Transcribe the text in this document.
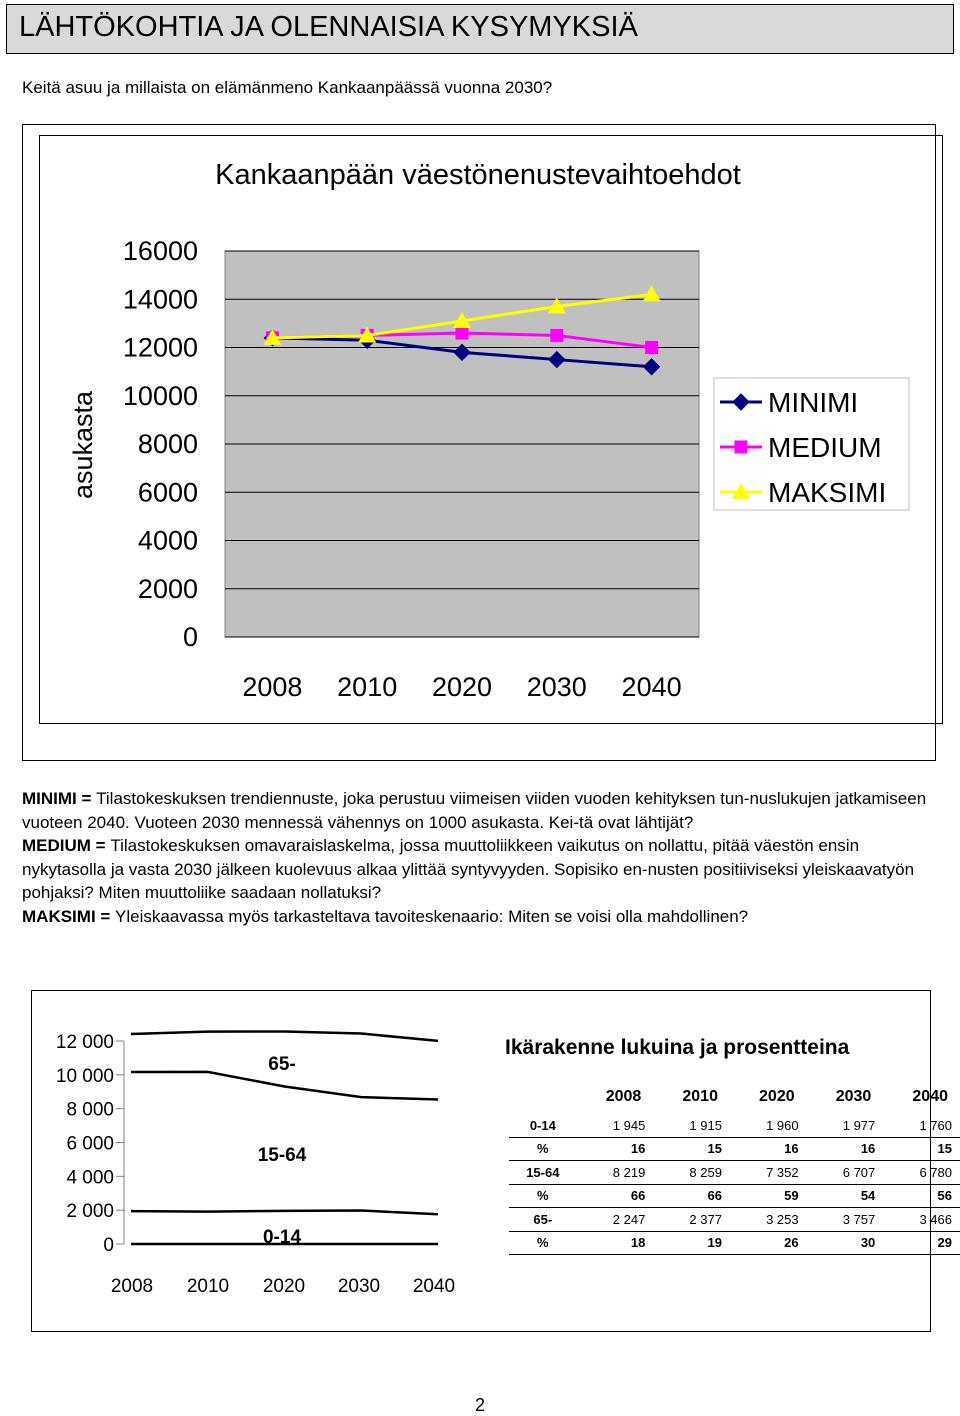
LÄHTÖKOHTIA JA OLENNAISIA KYSYMYKSIÄ
Keitä asuu ja millaista on elämänmeno Kankaanpäässä vuonna 2030?
Kankaanpään väestönenustevaihtoehdot
asukasta
16000
14000
12000
10000
8000
6000
4000
2000
0
2008 2010 2020 2030 2040
MINIMI
MEDIUM
MAKSIMI

MINIMI = Tilastokeskuksen trendiennuste, joka perustuu viimeisen viiden vuoden kehityksen tun-nuslukujen jatkamiseen vuoteen 2040. Vuoteen 2030 mennessä vähennys on 1000 asukasta. Kei-tä ovat lähtijät?

MEDIUM = Tilastokeskuksen omavaraislaskelma, jossa muuttoliikkeen vaikutus on nollattu, pitää väestön ensin nykytasolla ja vasta 2030 jälkeen kuolevuus alkaa ylittää syntyvyyden. Sopisiko en-nusten positiiviseksi yleiskaavatyön pohjaksi? Miten muuttoliike saadaan nollatuksi?

MAKSIMI = Yleiskaavassa myös tarkasteltava tavoiteskenaario: Miten se voisi olla mahdollinen?

12 000
10 000
8 000
6 000
4 000
2 000
0
2008 2010 2020 2030 2040
65-
15-64
0-14
Ikärakenne lukuina ja prosentteina
	2008	2010	2020	2030	2040
0-14	1 945	1 915	1 960	1 977	1 760
%	16	15	16	16	15
15-64	8 219	8 259	7 352	6 707	6 780
%	66	66	59	54	56
65-	2 247	2 377	3 253	3 757	3 466
%	18	19	26	30	29
2
